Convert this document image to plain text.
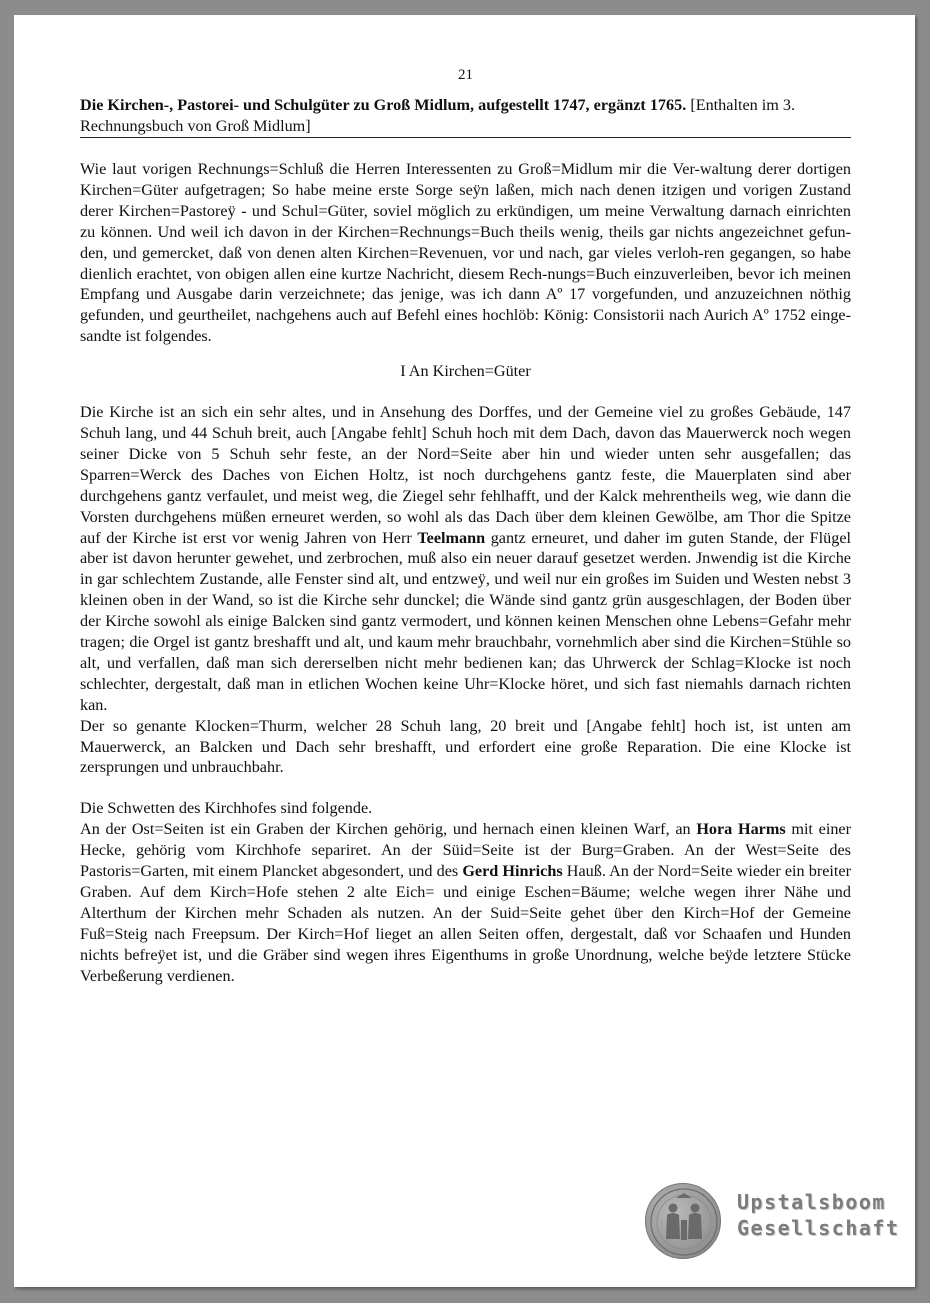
21
Die Kirchen-, Pastorei- und Schulgüter zu Groß Midlum, aufgestellt 1747, ergänzt 1765. [Enthalten im 3. Rechnungsbuch von Groß Midlum]

Wie laut vorigen Rechnungs=Schluß die Herren Interessenten zu Groß=Midlum mir die Ver-waltung derer dortigen Kirchen=Güter aufgetragen; So habe meine erste Sorge seÿn laßen, mich nach denen itzigen und vorigen Zustand derer Kirchen=Pastoreÿ - und Schul=Güter, soviel möglich zu erkündigen, um meine Verwaltung darnach einrichten zu können. Und weil ich davon in der Kirchen=Rechnungs=Buch theils wenig, theils gar nichts angezeichnet gefun-den, und gemercket, daß von denen alten Kirchen=Revenuen, vor und nach, gar vieles verloh-ren gegangen, so habe dienlich erachtet, von obigen allen eine kurtze Nachricht, diesem Rech-nungs=Buch einzuverleiben, bevor ich meinen Empfang und Ausgabe darin verzeichnete; das jenige, was ich dann Aº 17 vorgefunden, und anzuzeichnen nöthig gefunden, und geurtheilet, nachgehens auch auf Befehl eines hochlöb: König: Consistorii nach Aurich Aº 1752 einge-sandte ist folgendes.

I An Kirchen=Güter

Die Kirche ist an sich ein sehr altes, und in Ansehung des Dorffes, und der Gemeine viel zu großes Gebäude, 147 Schuh lang, und 44 Schuh breit, auch [Angabe fehlt] Schuh hoch mit dem Dach, davon das Mauerwerck noch wegen seiner Dicke von 5 Schuh sehr feste, an der Nord=Seite aber hin und wieder unten sehr ausgefallen; das Sparren=Werck des Daches von Eichen Holtz, ist noch durchgehens gantz feste, die Mauerplaten sind aber durchgehens gantz verfaulet, und meist weg, die Ziegel sehr fehlhafft, und der Kalck mehrentheils weg, wie dann die Vorsten durchgehens müßen erneuret werden, so wohl als das Dach über dem kleinen Gewölbe, am Thor die Spitze auf der Kirche ist erst vor wenig Jahren von Herr Teelmann gantz erneuret, und daher im guten Stande, der Flügel aber ist davon herunter gewehet, und zerbrochen, muß also ein neuer darauf gesetzet werden. Jnwendig ist die Kirche in gar schlechtem Zustande, alle Fenster sind alt, und entzweÿ, und weil nur ein großes im Suiden und Westen nebst 3 kleinen oben in der Wand, so ist die Kirche sehr dunckel; die Wände sind gantz grün ausgeschlagen, der Boden über der Kirche sowohl als einige Balcken sind gantz vermodert, und können keinen Menschen ohne Lebens=Gefahr mehr tragen; die Orgel ist gantz breshafft und alt, und kaum mehr brauchbahr, vornehmlich aber sind die Kirchen=Stühle so alt, und verfallen, daß man sich dererselben nicht mehr bedienen kan; das Uhrwerck der Schlag=Klocke ist noch schlechter, dergestalt, daß man in etlichen Wochen keine Uhr=Klocke höret, und sich fast niemahls darnach richten kan.

Der so genante Klocken=Thurm, welcher 28 Schuh lang, 20 breit und [Angabe fehlt] hoch ist, ist unten am Mauerwerck, an Balcken und Dach sehr breshafft, und erfordert eine große Reparation. Die eine Klocke ist zersprungen und unbrauchbahr.

Die Schwetten des Kirchhofes sind folgende.

An der Ost=Seiten ist ein Graben der Kirchen gehörig, und hernach einen kleinen Warf, an Hora Harms mit einer Hecke, gehörig vom Kirchhofe separiret. An der Süid=Seite ist der Burg=Graben. An der West=Seite des Pastoris=Garten, mit einem Plancket abgesondert, und des Gerd Hinrichs Hauß. An der Nord=Seite wieder ein breiter Graben. Auf dem Kirch=Hofe stehen 2 alte Eich= und einige Eschen=Bäume; welche wegen ihrer Nähe und Alterthum der Kirchen mehr Schaden als nutzen. An der Suid=Seite gehet über den Kirch=Hof der Gemeine Fuß=Steig nach Freepsum. Der Kirch=Hof lieget an allen Seiten offen, dergestalt, daß vor Schaafen und Hunden nichts befreÿet ist, und die Gräber sind wegen ihres Eigenthums in große Unordnung, welche beÿde letztere Stücke Verbeßerung verdienen.

Upstalsboom
Gesellschaft
